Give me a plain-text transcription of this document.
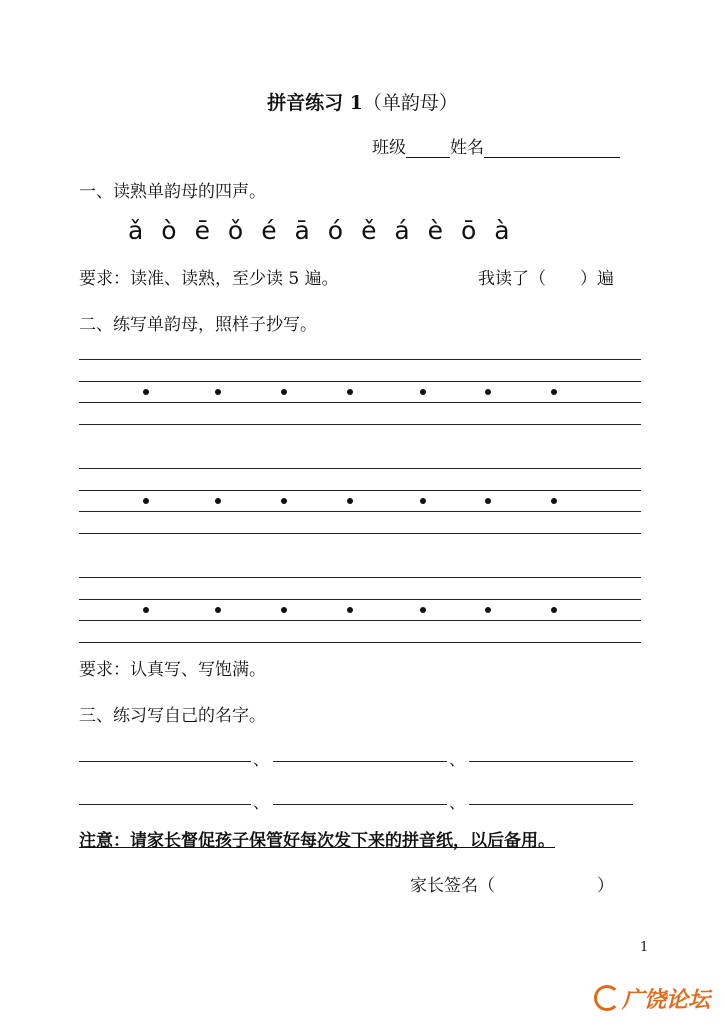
拼音练习 1（单韵母）
班级	姓名
一、读熟单韵母的四声。
ǎ ò ē ǒ é ā ó ě á è ō à
要求：读准、读熟，至少读 5 遍。	我读了（　　）遍
二、练写单韵母，照样子抄写。
要求：认真写、写饱满。
三、练习写自己的名字。
、	、
、	、
注意：请家长督促孩子保管好每次发下来的拼音纸，以后备用。
家长签名（　　　　　　）
1
广饶论坛
